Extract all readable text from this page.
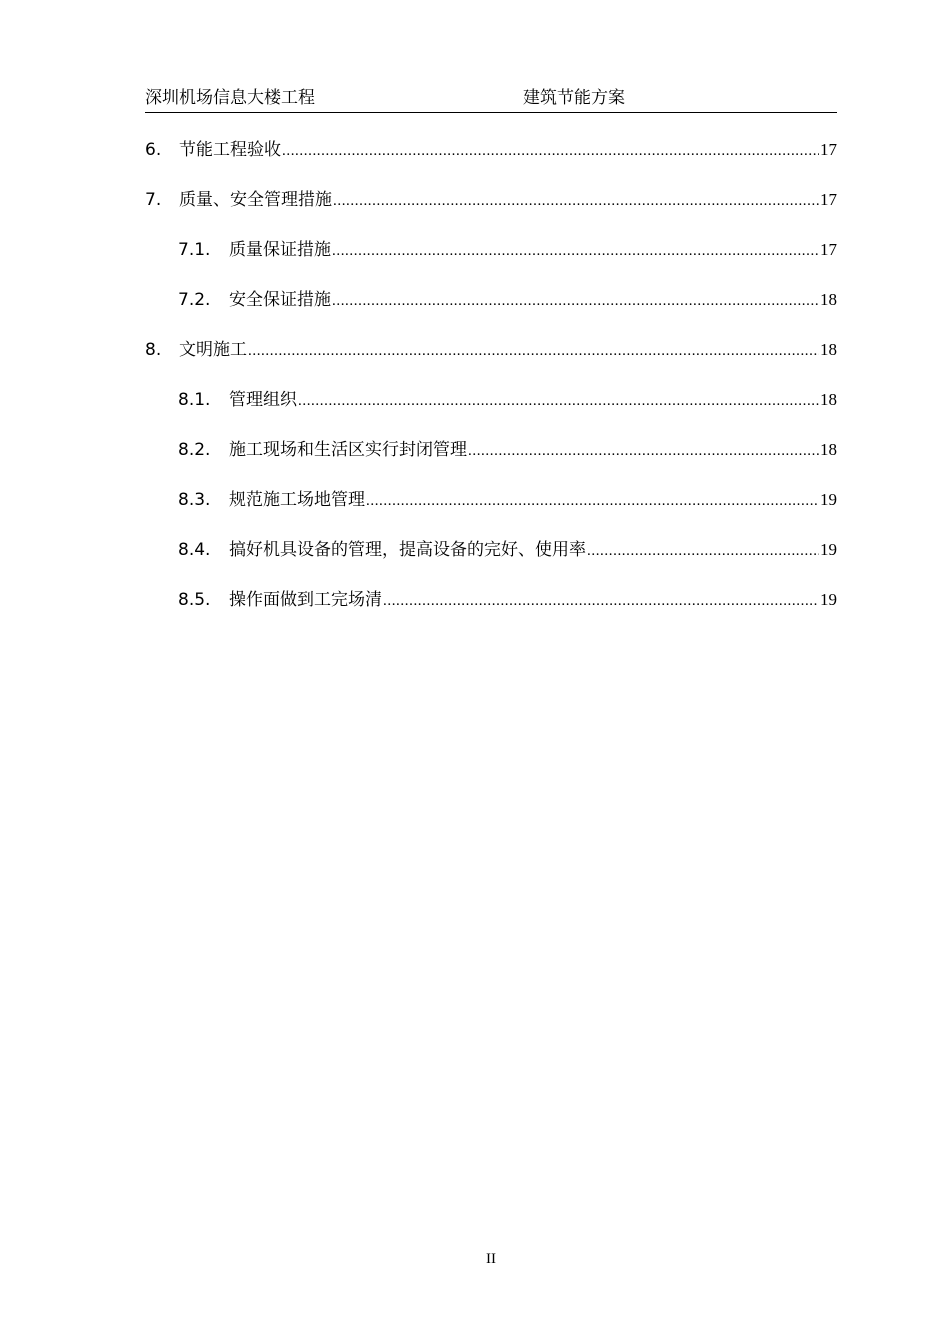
深圳机场信息大楼工程	建筑节能方案
6.	节能工程验收 .....	17
7.	质量、安全管理措施 .....	17
7.1.	质量保证措施 .....	17
7.2.	安全保证措施 .....	18
8.	文明施工 .....	18
8.1.	管理组织 .....	18
8.2.	施工现场和生活区实行封闭管理 .....	18
8.3.	规范施工场地管理 .....	19
8.4.	搞好机具设备的管理，提高设备的完好、使用率 .....	19
8.5.	操作面做到工完场清 .....	19
II
